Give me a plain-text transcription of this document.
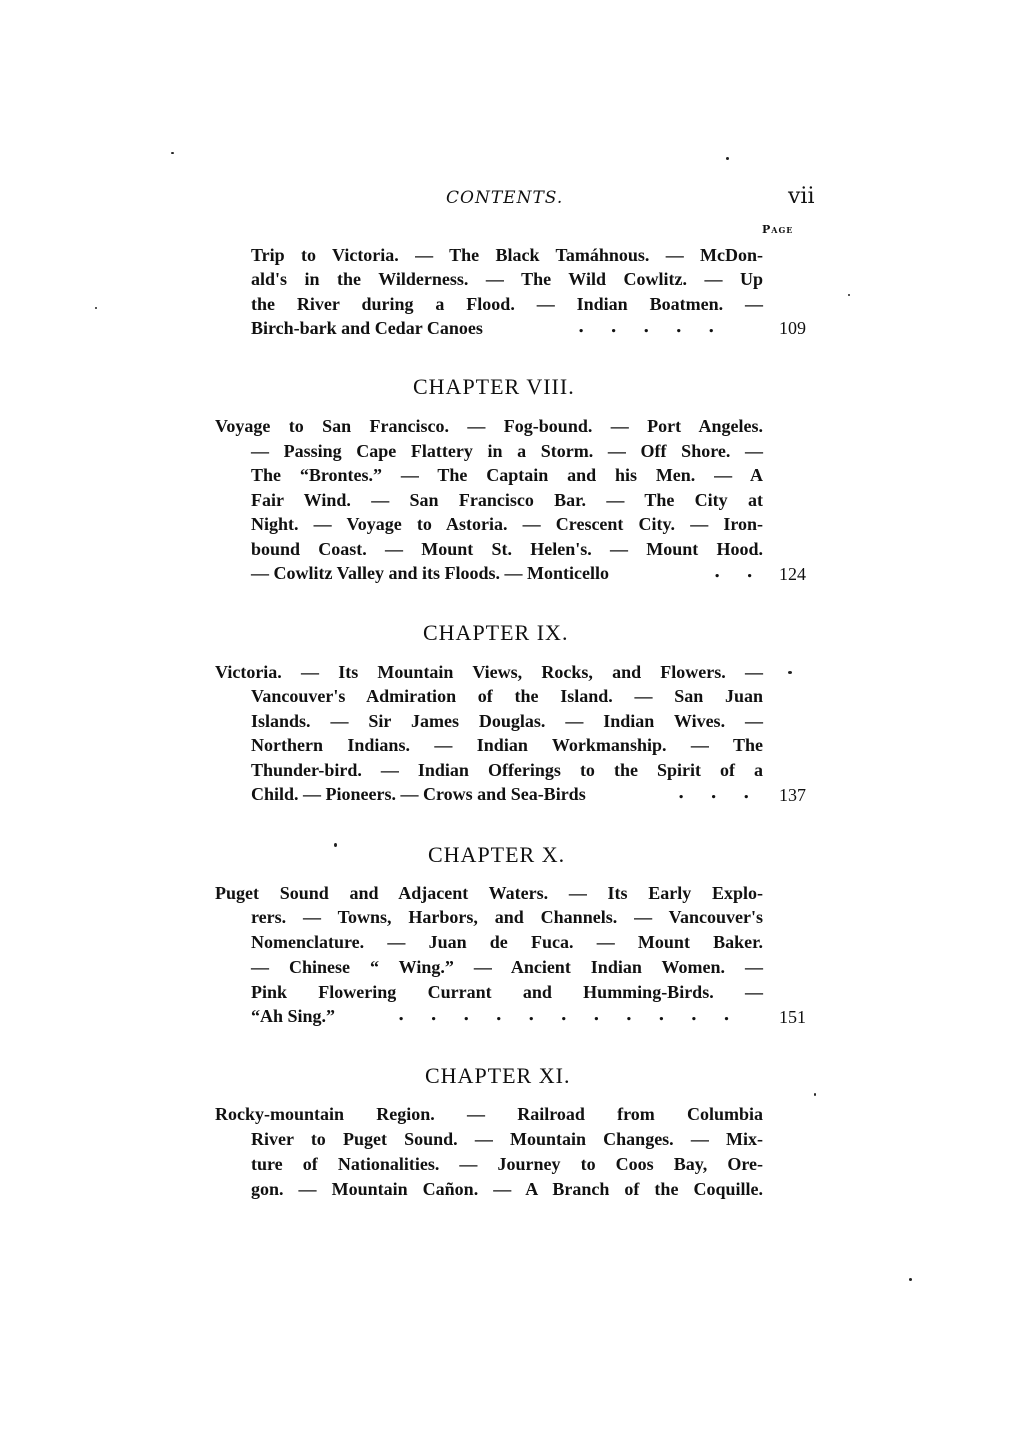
CONTENTS.	vii
Page
Trip to Victoria. — The Black Tamáhnous. — McDon-
ald's in the Wilderness. — The Wild Cowlitz. — Up
the River during a Flood. — Indian Boatmen. —
Birch-bark and Cedar Canoes	. . . . .	109
CHAPTER VIII.
Voyage to San Francisco. — Fog-bound. — Port Angeles.
— Passing Cape Flattery in a Storm. — Off Shore. —
The “Brontes.” — The Captain and his Men. — A
Fair Wind. — San Francisco Bar. — The City at
Night. — Voyage to Astoria. — Crescent City. — Iron-
bound Coast. — Mount St. Helen's. — Mount Hood.
— Cowlitz Valley and its Floods. — Monticello	. . 124
CHAPTER IX.
Victoria. — Its Mountain Views, Rocks, and Flowers. —
Vancouver's Admiration of the Island. — San Juan
Islands. — Sir James Douglas. — Indian Wives. —
Northern Indians. — Indian Workmanship. — The
Thunder-bird. — Indian Offerings to the Spirit of a
Child. — Pioneers. — Crows and Sea-Birds	. . . 137
CHAPTER X.
Puget Sound and Adjacent Waters. — Its Early Explo-
rers. — Towns, Harbors, and Channels. — Vancouver's
Nomenclature. — Juan de Fuca. — Mount Baker.
— Chinese “ Wing.” — Ancient Indian Women. —
Pink Flowering Currant and Humming-Birds. —
“Ah Sing.”	. . . . . . . . . . . 151
CHAPTER XI.
Rocky-mountain Region. — Railroad from Columbia
River to Puget Sound. — Mountain Changes. — Mix-
ture of Nationalities. — Journey to Coos Bay, Ore-
gon. — Mountain Cañon. — A Branch of the Coquille.
